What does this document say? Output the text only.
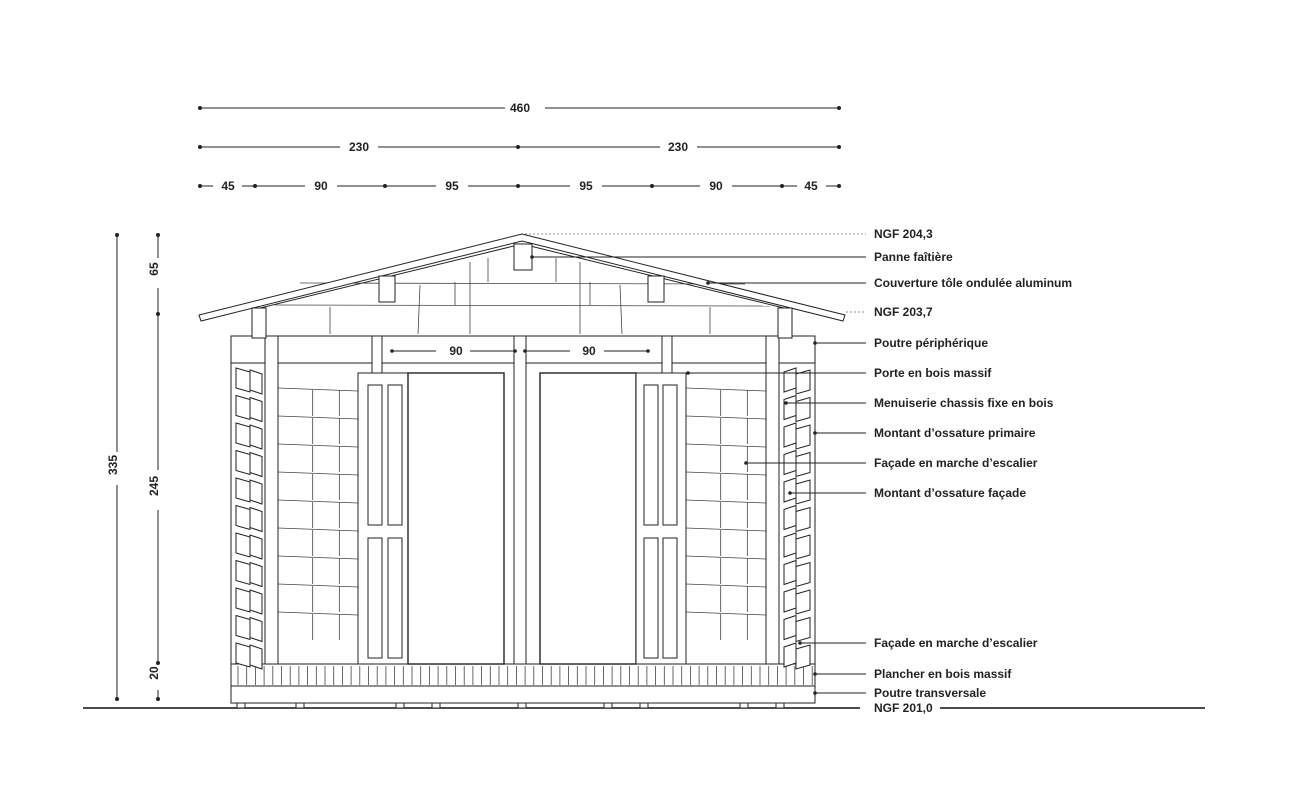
460
230	230
45	90	95	95	90	45
335
65
245
20
90	90
NGF 204,3
NGF 203,7
NGF 201,0
Panne faîtière
Couverture tôle ondulée aluminum
Poutre périphérique
Porte en bois massif
Menuiserie chassis fixe en bois
Montant d’ossature primaire
Façade en marche d’escalier
Montant d’ossature façade
Façade en marche d’escalier
Plancher en bois massif
Poutre transversale
